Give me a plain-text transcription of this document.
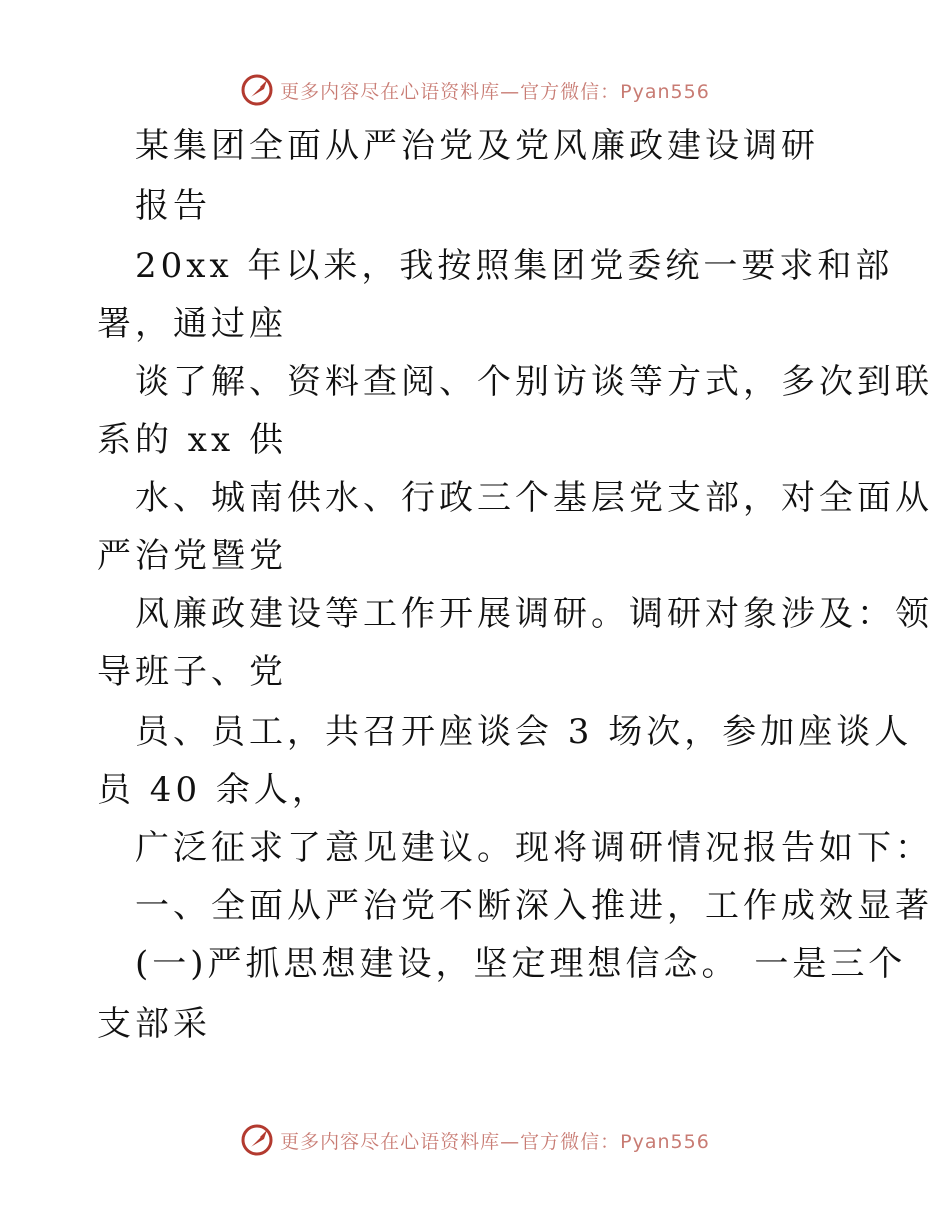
更多内容尽在心语资料库—官方微信：Pyan556
某集团全面从严治党及党风廉政建设调研
报告
20xx 年以来，我按照集团党委统一要求和部
署，通过座
谈了解、资料查阅、个别访谈等方式，多次到联
系的 xx 供
水、城南供水、行政三个基层党支部，对全面从
严治党暨党
风廉政建设等工作开展调研。调研对象涉及：领
导班子、党
员、员工，共召开座谈会 3 场次，参加座谈人
员 40 余人，
广泛征求了意见建议。现将调研情况报告如下：
一、全面从严治党不断深入推进，工作成效显著
(一)严抓思想建设，坚定理想信念。 一是三个
支部采
更多内容尽在心语资料库—官方微信：Pyan556
